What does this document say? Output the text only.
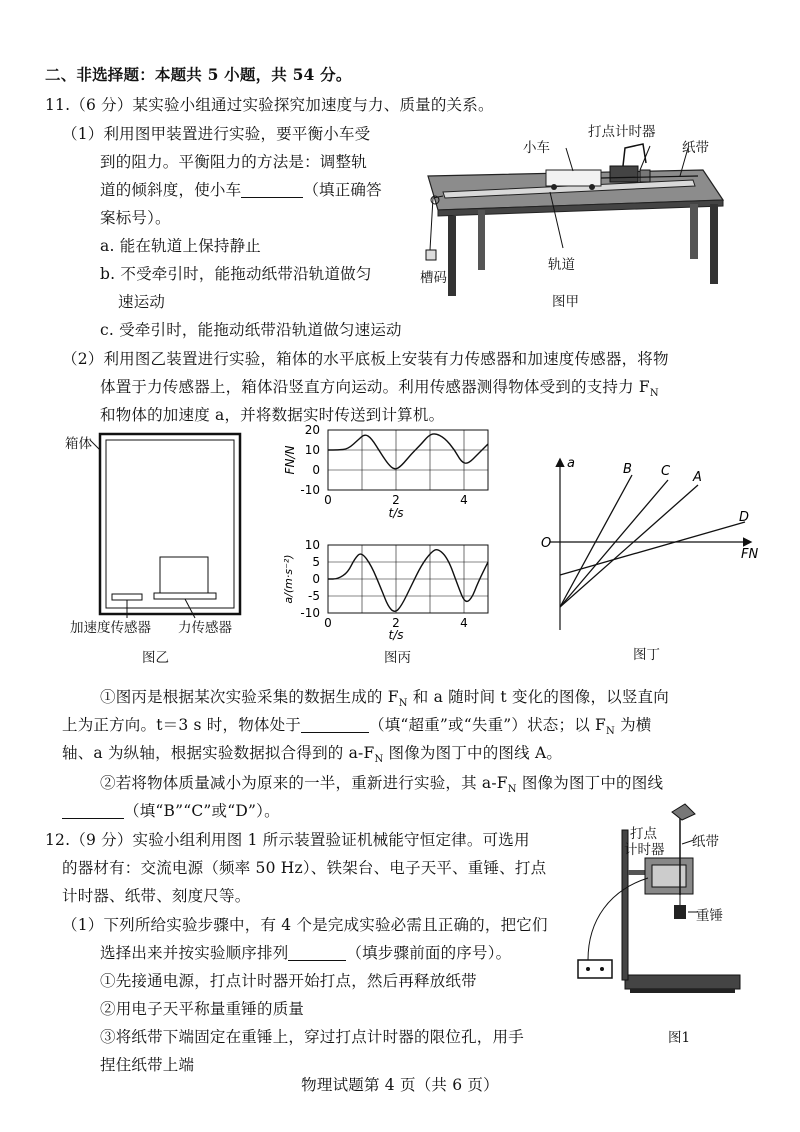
二、非选择题：本题共 5 小题，共 54 分。
11.（6 分）某实验小组通过实验探究加速度与力、质量的关系。
（1）利用图甲装置进行实验，要平衡小车受
到的阻力。平衡阻力的方法是：调整轨
道的倾斜度，使小车	（填正确答
案标号）。
a. 能在轨道上保持静止
b. 不受牵引时，能拖动纸带沿轨道做匀
速运动
c. 受牵引时，能拖动纸带沿轨道做匀速运动
小车
打点计时器
纸带
槽码
轨道
图甲
（2）利用图乙装置进行实验，箱体的水平底板上安装有力传感器和加速度传感器，将物
体置于力传感器上，箱体沿竖直方向运动。利用传感器测得物体受到的支持力 $F_N$
和物体的加速度 a，并将数据实时传送到计算机。
箱体
加速度传感器 力传感器
图乙
20
10
0
-10
0	2	4
t/s
FN/N
10
5
0
-5
-10
0	2	4
t/s
a/(m·s⁻²)
图丙
a
FN
O
B C A
D
图丁
①图丙是根据某次实验采集的数据生成的 $F_N$ 和 a 随时间 t 变化的图像，以竖直向
上为正方向。t＝3 s 时，物体处于	（填“超重”或“失重”）状态；以 $F_N$ 为横
轴、a 为纵轴，根据实验数据拟合得到的 $a-F_N$ 图像为图丁中的图线 A。
②若将物体质量减小为原来的一半，重新进行实验，其 $a-F_N$ 图像为图丁中的图线
（填“B”“C”或“D”）。
12.（9 分）实验小组利用图 1 所示装置验证机械能守恒定律。可选用
的器材有：交流电源（频率 50 Hz）、铁架台、电子天平、重锤、打点
计时器、纸带、刻度尺等。
（1）下列所给实验步骤中，有 4 个是完成实验必需且正确的，把它们
选择出来并按实验顺序排列	（填步骤前面的序号）。
①先接通电源，打点计时器开始打点，然后再释放纸带
②用电子天平称量重锤的质量
③将纸带下端固定在重锤上，穿过打点计时器的限位孔，用手
捏住纸带上端
打点
计时器 纸带
重锤
图1
物理试题第 4 页（共 6 页）
